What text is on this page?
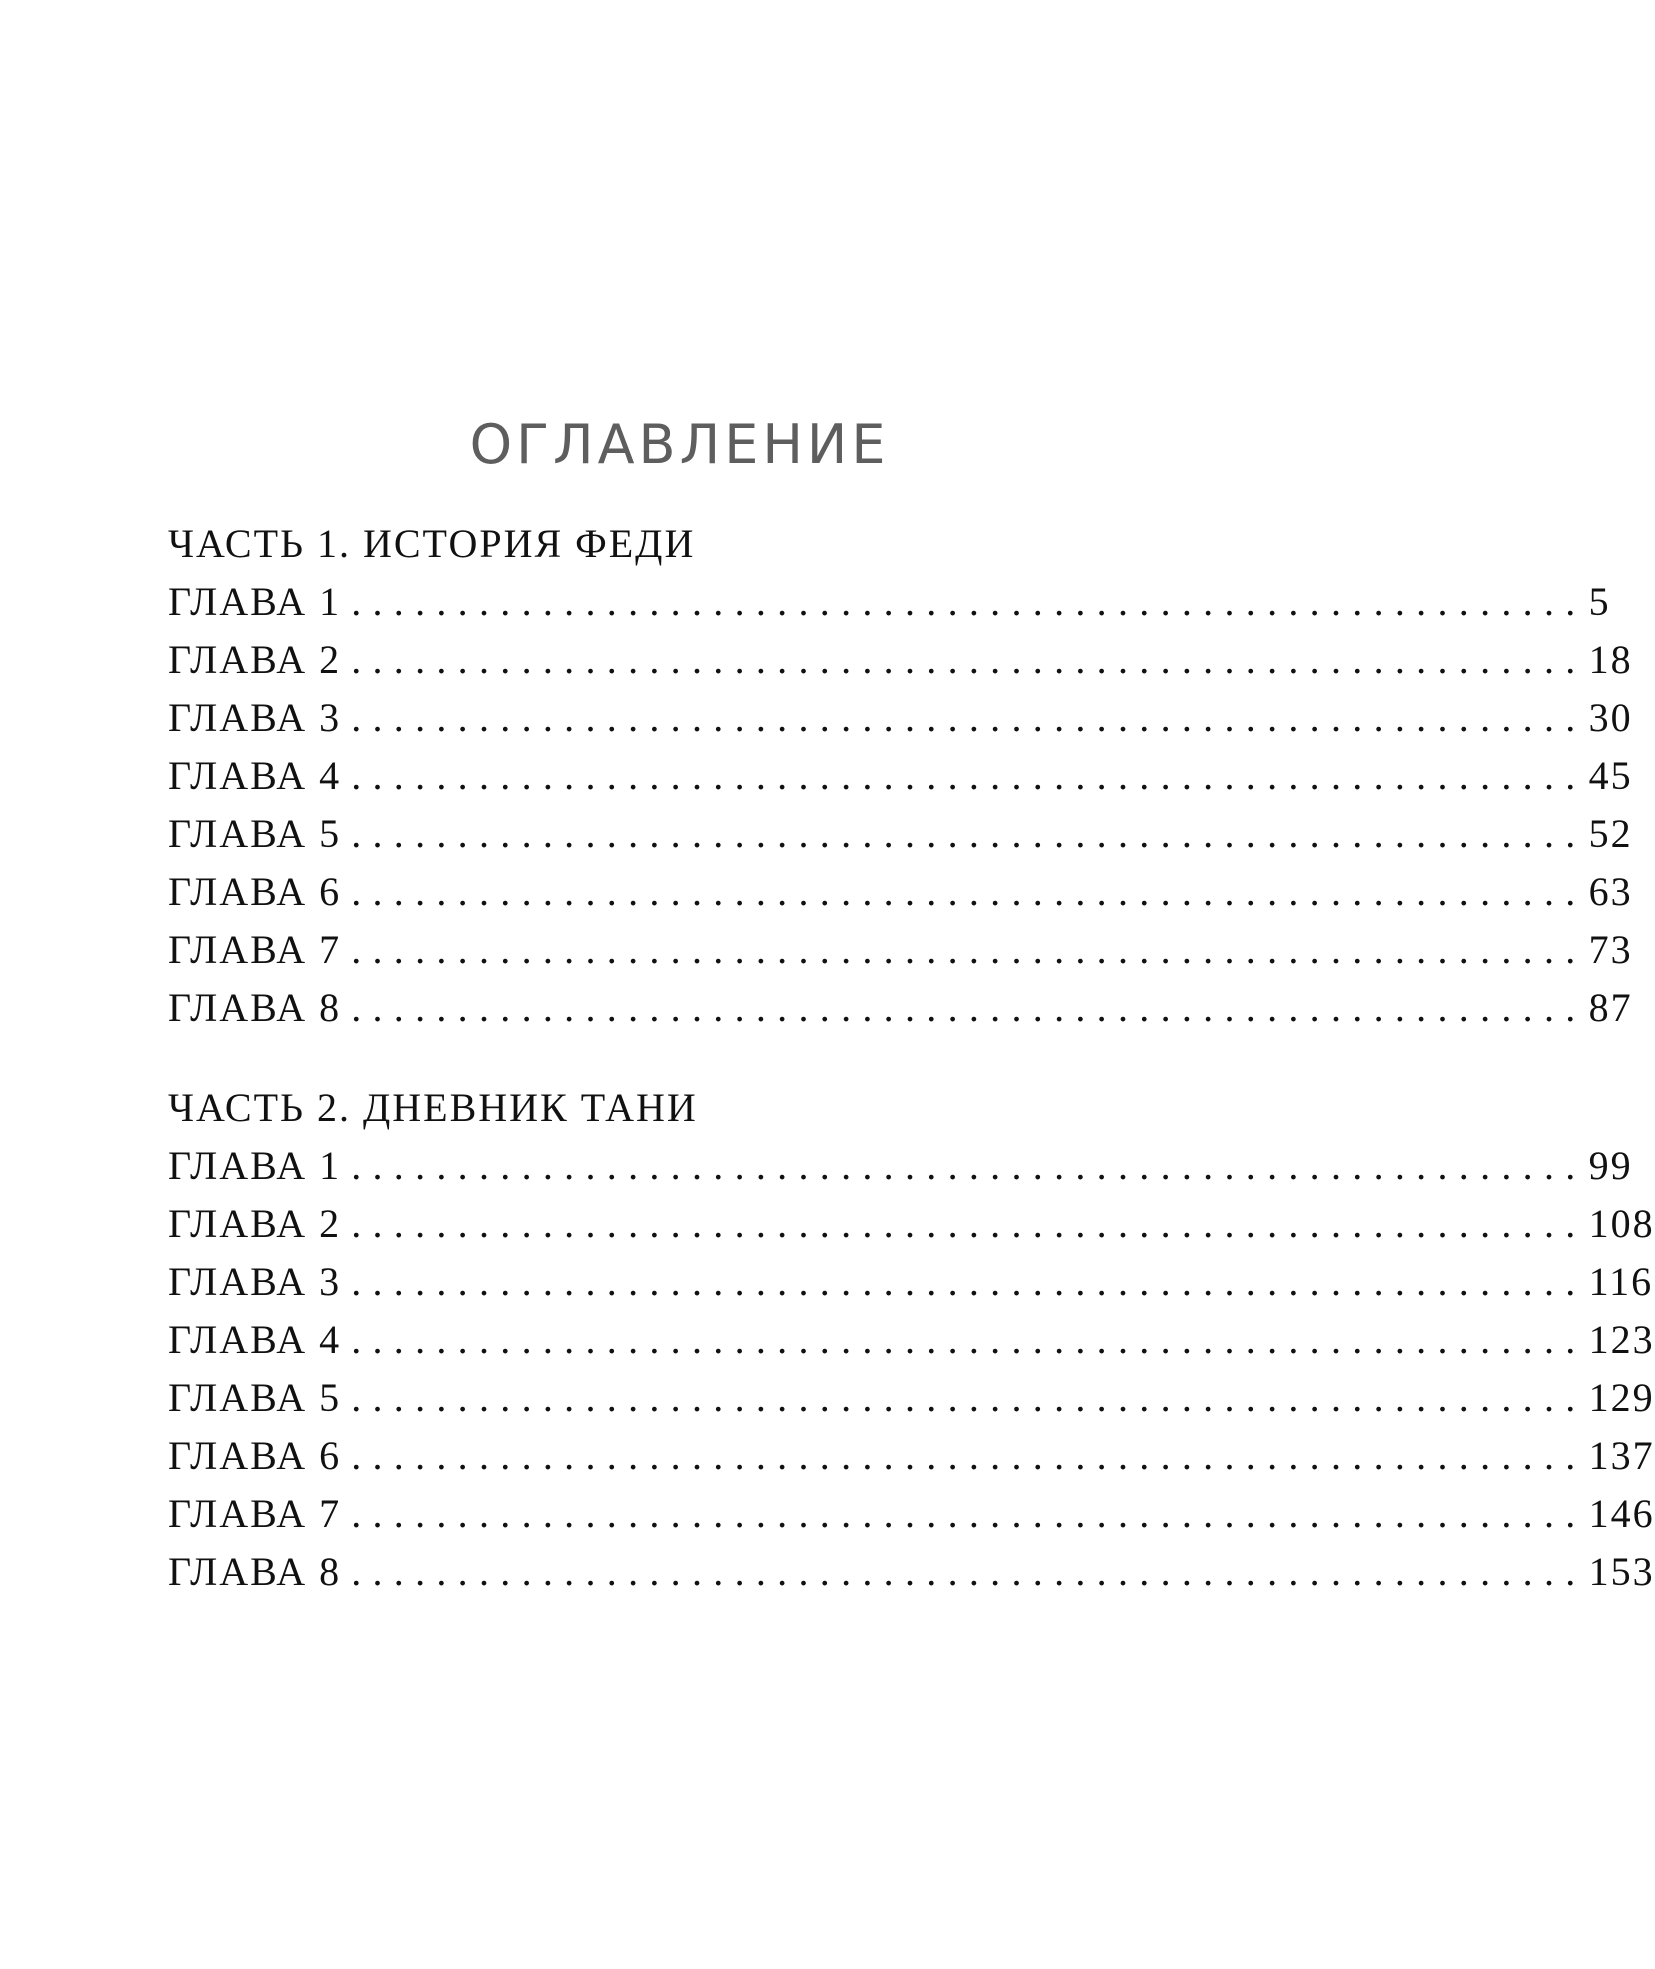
ОГЛАВЛЕНИЕ
ЧАСТЬ 1. ИСТОРИЯ ФЕДИ
ГЛАВА 1 .......................................................... 5
ГЛАВА 2 .......................................................... 18
ГЛАВА 3 .......................................................... 30
ГЛАВА 4 .......................................................... 45
ГЛАВА 5 .......................................................... 52
ГЛАВА 6 .......................................................... 63
ГЛАВА 7 .......................................................... 73
ГЛАВА 8 .......................................................... 87
ЧАСТЬ 2. ДНЕВНИК ТАНИ
ГЛАВА 1 .......................................................... 99
ГЛАВА 2 .......................................................... 108
ГЛАВА 3 .......................................................... 116
ГЛАВА 4 .......................................................... 123
ГЛАВА 5 .......................................................... 129
ГЛАВА 6 .......................................................... 137
ГЛАВА 7 .......................................................... 146
ГЛАВА 8 .......................................................... 153
